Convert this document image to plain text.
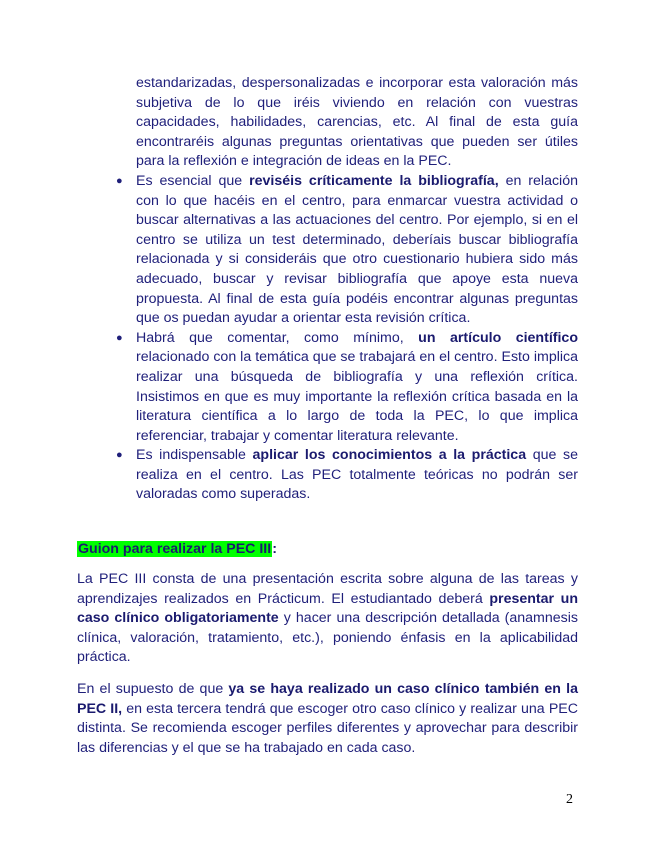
estandarizadas, despersonalizadas e incorporar esta valoración más subjetiva de lo que iréis viviendo en relación con vuestras capacidades, habilidades, carencias, etc. Al final de esta guía encontraréis algunas preguntas orientativas que pueden ser útiles para la reflexión e integración de ideas en la PEC.

● Es esencial que reviséis críticamente la bibliografía, en relación con lo que hacéis en el centro, para enmarcar vuestra actividad o buscar alternativas a las actuaciones del centro. Por ejemplo, si en el centro se utiliza un test determinado, deberíais buscar bibliografía relacionada y si consideráis que otro cuestionario hubiera sido más adecuado, buscar y revisar bibliografía que apoye esta nueva propuesta. Al final de esta guía podéis encontrar algunas preguntas que os puedan ayudar a orientar esta revisión crítica.

● Habrá que comentar, como mínimo, un artículo científico relacionado con la temática que se trabajará en el centro. Esto implica realizar una búsqueda de bibliografía y una reflexión crítica. Insistimos en que es muy importante la reflexión crítica basada en la literatura científica a lo largo de toda la PEC, lo que implica referenciar, trabajar y comentar literatura relevante.

● Es indispensable aplicar los conocimientos a la práctica que se realiza en el centro. Las PEC totalmente teóricas no podrán ser valoradas como superadas.

Guion para realizar la PEC III:

La PEC III consta de una presentación escrita sobre alguna de las tareas y aprendizajes realizados en Prácticum. El estudiantado deberá presentar un caso clínico obligatoriamente y hacer una descripción detallada (anamnesis clínica, valoración, tratamiento, etc.), poniendo énfasis en la aplicabilidad práctica.

En el supuesto de que ya se haya realizado un caso clínico también en la PEC II, en esta tercera tendrá que escoger otro caso clínico y realizar una PEC distinta. Se recomienda escoger perfiles diferentes y aprovechar para describir las diferencias y el que se ha trabajado en cada caso.

2
